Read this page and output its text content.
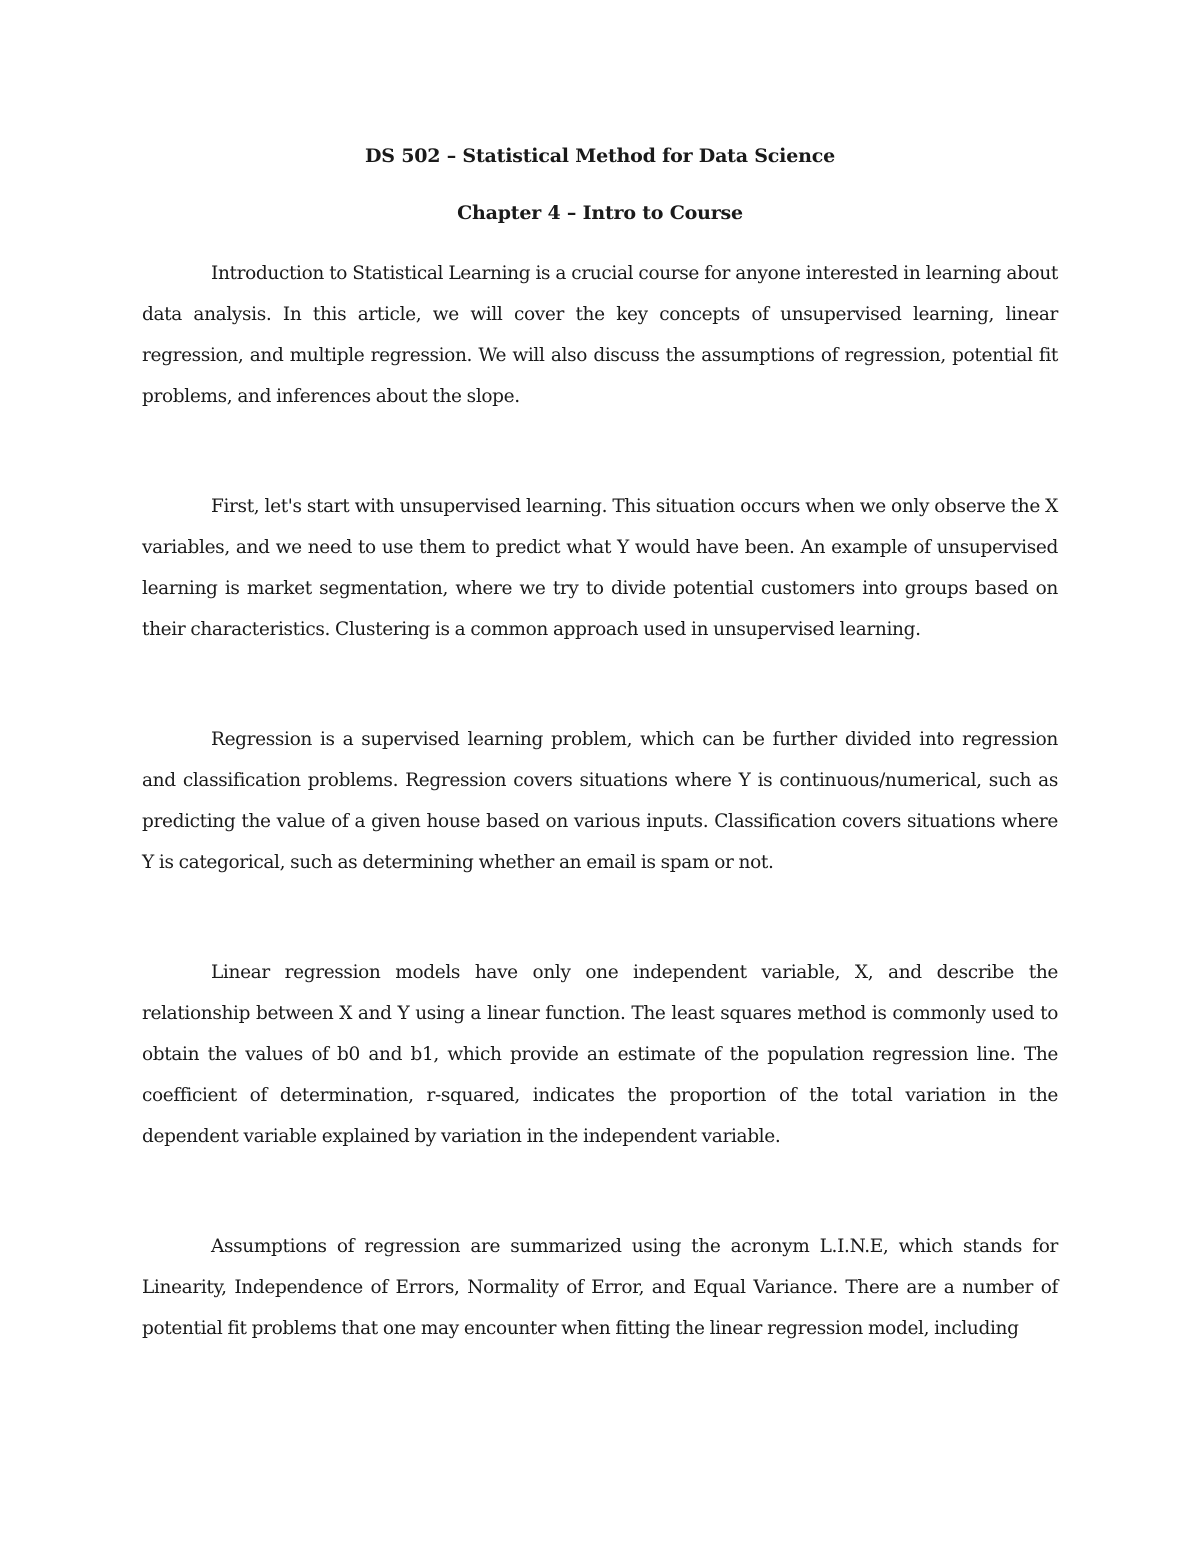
DS 502 – Statistical Method for Data Science
Chapter 4 – Intro to Course

Introduction to Statistical Learning is a crucial course for anyone interested in learning about data analysis. In this article, we will cover the key concepts of unsupervised learning, linear regression, and multiple regression. We will also discuss the assumptions of regression, potential fit problems, and inferences about the slope.

First, let's start with unsupervised learning. This situation occurs when we only observe the X variables, and we need to use them to predict what Y would have been. An example of unsupervised learning is market segmentation, where we try to divide potential customers into groups based on their characteristics. Clustering is a common approach used in unsupervised learning.

Regression is a supervised learning problem, which can be further divided into regression and classification problems. Regression covers situations where Y is continuous/numerical, such as predicting the value of a given house based on various inputs. Classification covers situations where Y is categorical, such as determining whether an email is spam or not.

Linear regression models have only one independent variable, X, and describe the relationship between X and Y using a linear function. The least squares method is commonly used to obtain the values of b0 and b1, which provide an estimate of the population regression line. The coefficient of determination, r-squared, indicates the proportion of the total variation in the dependent variable explained by variation in the independent variable.

Assumptions of regression are summarized using the acronym L.I.N.E, which stands for Linearity, Independence of Errors, Normality of Error, and Equal Variance. There are a number of potential fit problems that one may encounter when fitting the linear regression model, including
